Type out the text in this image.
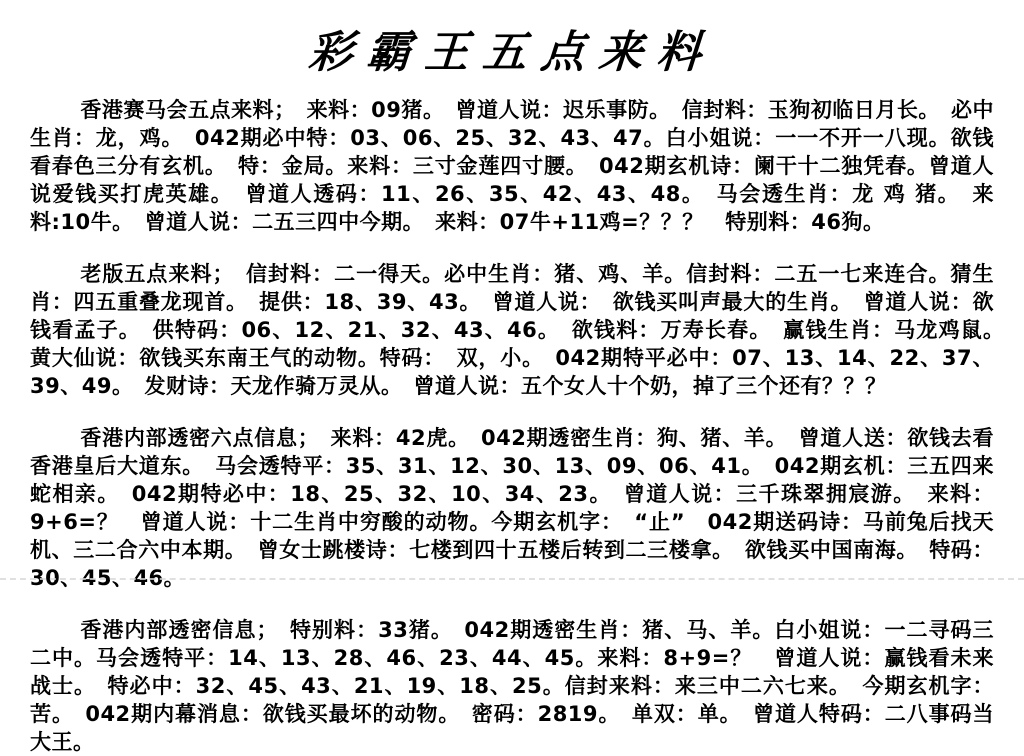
彩霸王五点来料

香港赛马会五点来料；　来料：09猪。　曾道人说：迟乐事防。　信封料：玉狗初临日月长。　必中生肖：龙，鸡。　042期必中特：03、06、25、32、43、47。白小姐说：一一不开一八现。欲钱看春色三分有玄机。　特：金局。来料：三寸金莲四寸腰。　042期玄机诗：阑干十二独凭春。曾道人说爱钱买打虎英雄。　曾道人透码：11、26、35、42、43、48。　马会透生肖：龙 鸡 猪。　来料:10牛。　曾道人说：二五三四中今期。　来料：07牛+11鸡=？？？　特别料：46狗。

老版五点来料；　信封料：二一得天。必中生肖：猪、鸡、羊。信封料：二五一七来连合。猜生肖：四五重叠龙现首。　提供：18、39、43。　曾道人说：　欲钱买叫声最大的生肖。　曾道人说：欲钱看孟子。　供特码：06、12、21、32、43、46。　欲钱料：万寿长春。　赢钱生肖：马龙鸡鼠。　黄大仙说：欲钱买东南王气的动物。特码：　双，小。　042期特平必中：07、13、14、22、37、39、49。　发财诗：天龙作骑万灵从。　曾道人说：五个女人十个奶，掉了三个还有？？？

香港内部透密六点信息；　来料：42虎。　042期透密生肖：狗、猪、羊。　曾道人送：欲钱去看香港皇后大道东。　马会透特平：35、31、12、30、13、09、06、41。　042期玄机：三五四来蛇相亲。　042期特必中：18、25、32、10、34、23。　曾道人说：三千珠翠拥宸游。　来料：9+6=？　曾道人说：十二生肖中穷酸的动物。今期玄机字：　“止”　042期送码诗：马前兔后找天机、三二合六中本期。　曾女士跳楼诗：七楼到四十五楼后转到二三楼拿。　欲钱买中国南海。　特码：30、45、46。

香港内部透密信息；　特别料：33猪。　042期透密生肖：猪、马、羊。白小姐说：一二寻码三二中。马会透特平：14、13、28、46、23、44、45。来料：8+9=？　曾道人说：赢钱看未来战士。　特必中：32、45、43、21、19、18、25。信封来料：来三中二六七来。　今期玄机字：苦。　042期内幕消息：欲钱买最坏的动物。　密码：2819。　单双：单。　曾道人特码：二八事码当大王。
